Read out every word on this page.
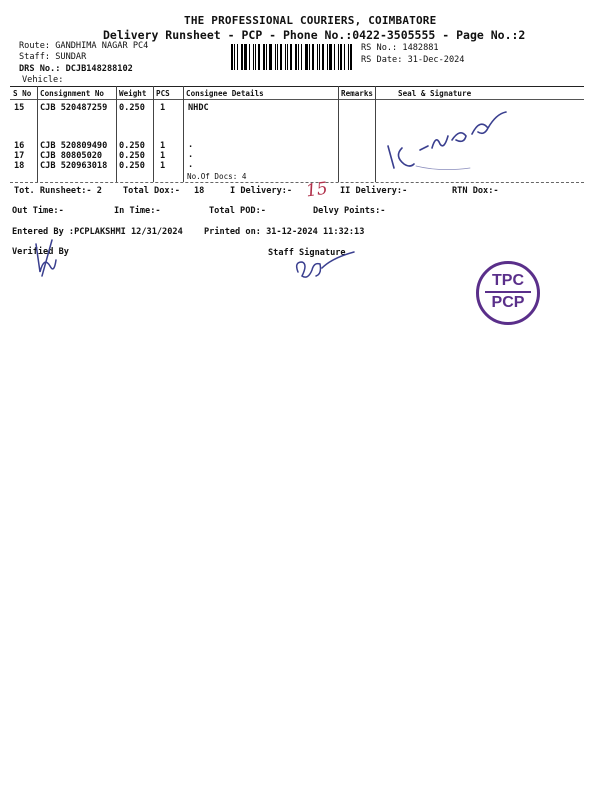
THE PROFESSIONAL COURIERS, COIMBATORE
Delivery Runsheet - PCP - Phone No.:0422-3505555 - Page No.:2
Route: GANDHIMA NAGAR PC4
Staff: SUNDAR
DRS No.: DCJB148288102
Vehicle:
RS No.: 1482881
RS Date: 31-Dec-2024
S No Consignment No Weight PCS Consignee Details	Remarks	Seal & Signature
15 CJB 520487259 0.250 1	NHDC
16 CJB 520809490 0.250 1	.
17 CJB 80805020 0.250 1	.
18 CJB 520963018 0.250 1	.
No.Of Docs: 4
Tot. Runsheet:- 2 Total Dox:- 18	I Delivery:-	II Delivery:-	RTN Dox:-
Out Time:-	In Time:-	Total POD:-	Delvy Points:-
Entered By :PCPLAKSHMI 12/31/2024 Printed on: 31-12-2024 11:32:13
Verified By	Staff Signature
15
TPC
PCP
